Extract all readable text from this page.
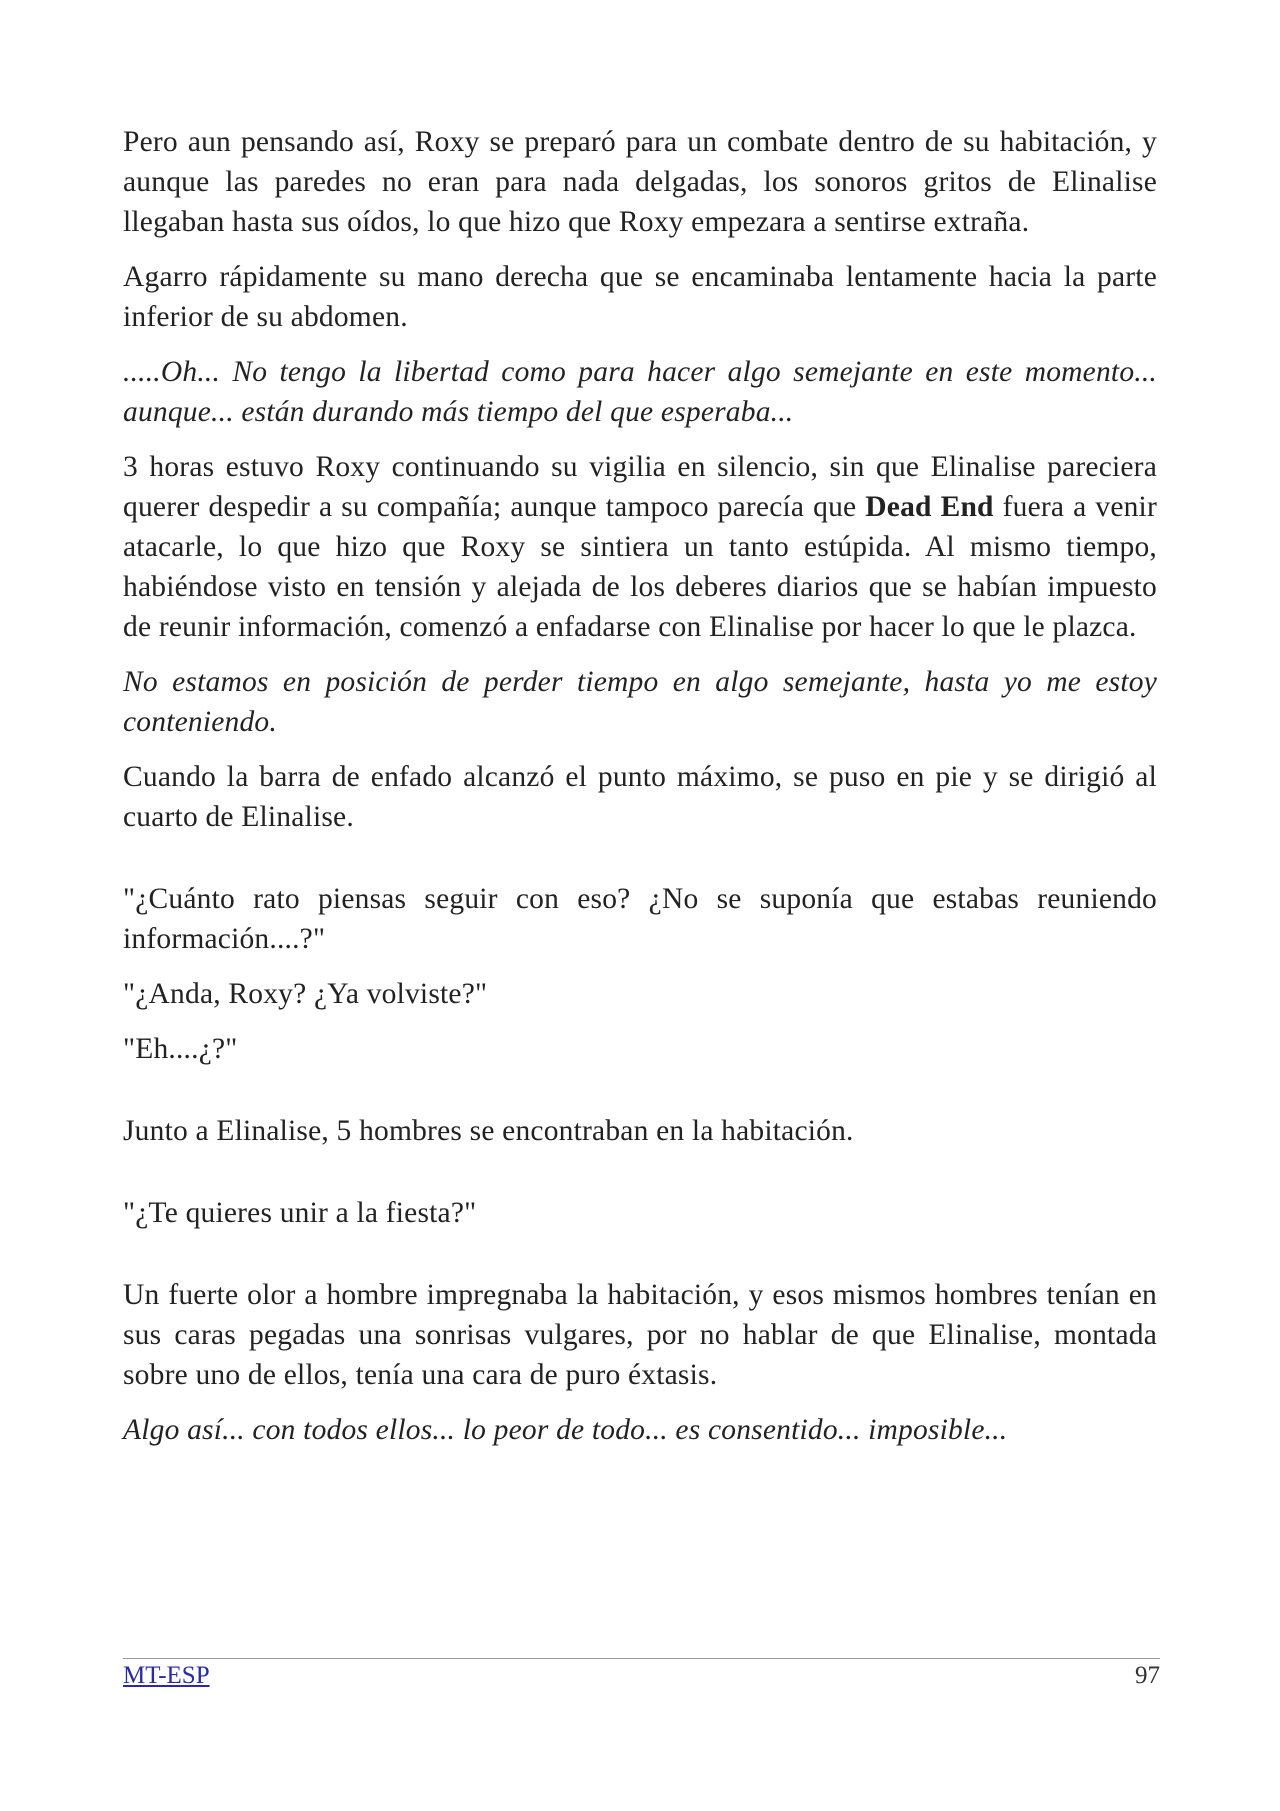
Pero aun pensando así, Roxy se preparó para un combate dentro de su habitación, y aunque las paredes no eran para nada delgadas, los sonoros gritos de Elinalise llegaban hasta sus oídos, lo que hizo que Roxy empezara a sentirse extraña.

Agarro rápidamente su mano derecha que se encaminaba lentamente hacia la parte inferior de su abdomen.

.....Oh... No tengo la libertad como para hacer algo semejante en este momento... aunque... están durando más tiempo del que esperaba...

3 horas estuvo Roxy continuando su vigilia en silencio, sin que Elinalise pareciera querer despedir a su compañía; aunque tampoco parecía que Dead End fuera a venir atacarle, lo que hizo que Roxy se sintiera un tanto estúpida. Al mismo tiempo, habiéndose visto en tensión y alejada de los deberes diarios que se habían impuesto de reunir información, comenzó a enfadarse con Elinalise por hacer lo que le plazca.

No estamos en posición de perder tiempo en algo semejante, hasta yo me estoy conteniendo.

Cuando la barra de enfado alcanzó el punto máximo, se puso en pie y se dirigió al cuarto de Elinalise.

"¿Cuánto rato piensas seguir con eso? ¿No se suponía que estabas reuniendo información....?"

"¿Anda, Roxy? ¿Ya volviste?"

"Eh....¿?"

Junto a Elinalise, 5 hombres se encontraban en la habitación.

"¿Te quieres unir a la fiesta?"

Un fuerte olor a hombre impregnaba la habitación, y esos mismos hombres tenían en sus caras pegadas una sonrisas vulgares, por no hablar de que Elinalise, montada sobre uno de ellos, tenía una cara de puro éxtasis.

Algo así... con todos ellos... lo peor de todo... es consentido... imposible...

MT-ESP	97
